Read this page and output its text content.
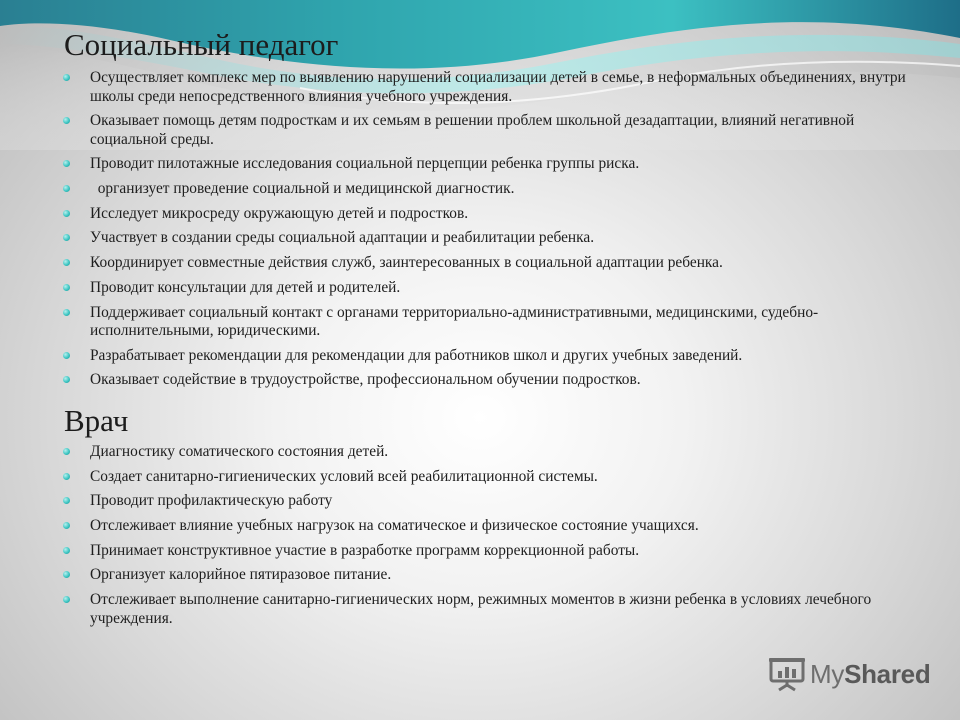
Социальный педагог
Осуществляет комплекс мер по выявлению нарушений социализации детей в семье, в неформальных объединениях, внутри школы среди непосредственного влияния учебного учреждения.
Оказывает помощь детям подросткам и их семьям в решении проблем школьной дезадаптации, влияний негативной социальной среды.
Проводит пилотажные исследования социальной перцепции ребенка группы риска.
организует проведение социальной и медицинской диагностик.
Исследует микросреду окружающую детей и подростков.
Участвует в создании среды социальной адаптации и реабилитации ребенка.
Координирует совместные действия служб, заинтересованных в социальной адаптации ребенка.
Проводит консультации для детей и родителей.
Поддерживает социальный контакт с органами территориально-административными, медицинскими, судебно-исполнительными, юридическими.
Разрабатывает рекомендации для рекомендации для работников школ и других учебных заведений.
Оказывает содействие в трудоустройстве, профессиональном обучении подростков.
Врач
Диагностику соматического состояния детей.
Создает санитарно-гигиенических условий всей реабилитационной системы.
Проводит профилактическую работу
Отслеживает влияние учебных нагрузок на соматическое и физическое состояние учащихся.
Принимает конструктивное участие в разработке программ коррекционной работы.
Организует калорийное пятиразовое питание.
Отслеживает выполнение санитарно-гигиенических норм, режимных моментов в жизни ребенка в условиях лечебного учреждения.
MyShared
